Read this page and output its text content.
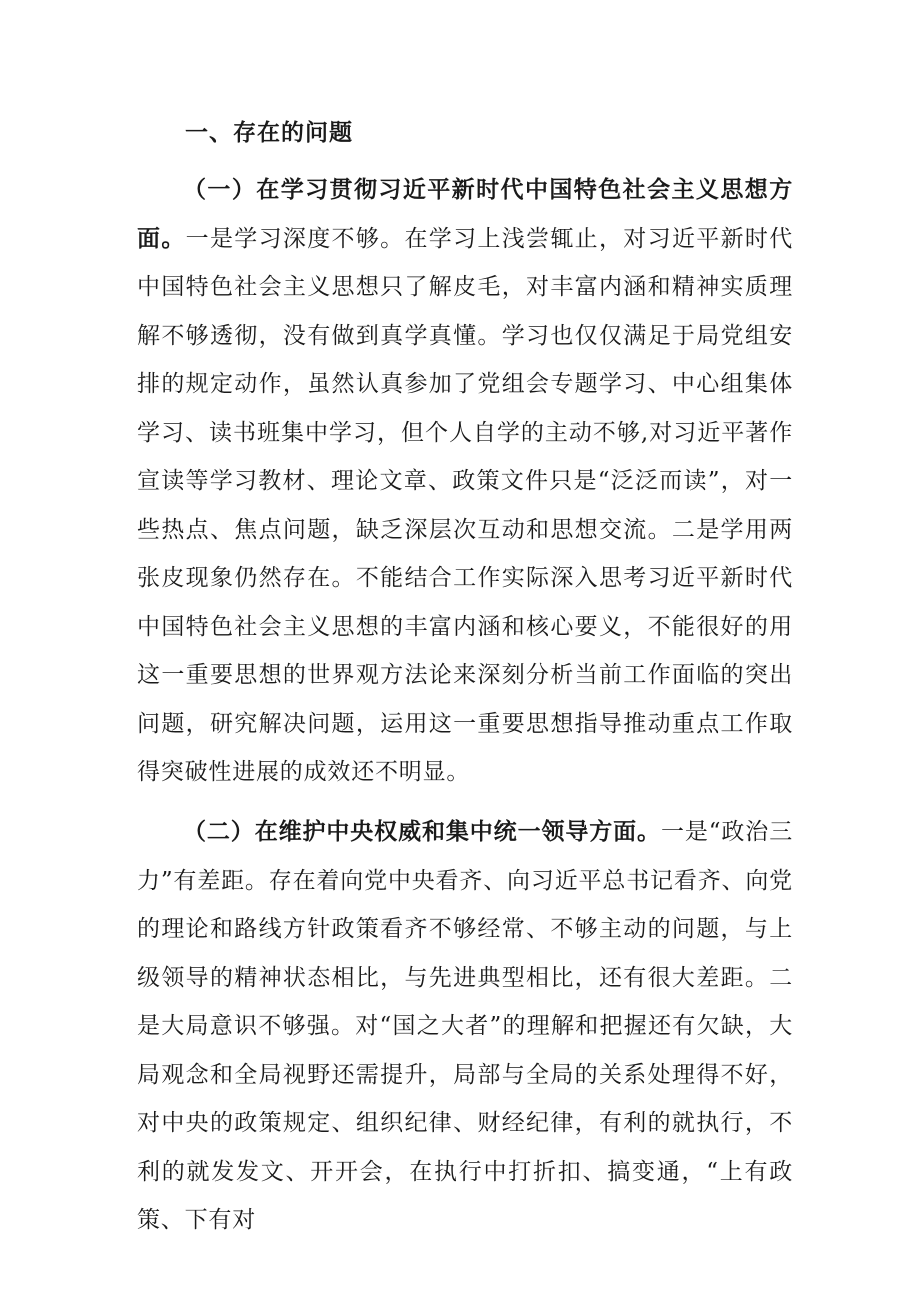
一、存在的问题

（一）在学习贯彻习近平新时代中国特色社会主义思想方面。一是学习深度不够。在学习上浅尝辄止，对习近平新时代中国特色社会主义思想只了解皮毛，对丰富内涵和精神实质理解不够透彻，没有做到真学真懂。学习也仅仅满足于局党组安排的规定动作，虽然认真参加了党组会专题学习、中心组集体学习、读书班集中学习，但个人自学的主动不够,对习近平著作宣读等学习教材、理论文章、政策文件只是“泛泛而读”，对一些热点、焦点问题，缺乏深层次互动和思想交流。二是学用两张皮现象仍然存在。不能结合工作实际深入思考习近平新时代中国特色社会主义思想的丰富内涵和核心要义，不能很好的用这一重要思想的世界观方法论来深刻分析当前工作面临的突出问题，研究解决问题，运用这一重要思想指导推动重点工作取得突破性进展的成效还不明显。

（二）在维护中央权威和集中统一领导方面。一是“政治三力”有差距。存在着向党中央看齐、向习近平总书记看齐、向党的理论和路线方针政策看齐不够经常、不够主动的问题，与上级领导的精神状态相比，与先进典型相比，还有很大差距。二是大局意识不够强。对“国之大者”的理解和把握还有欠缺，大局观念和全局视野还需提升，局部与全局的关系处理得不好，对中央的政策规定、组织纪律、财经纪律，有利的就执行，不利的就发发文、开开会，在执行中打折扣、搞变通，“上有政策、下有对
